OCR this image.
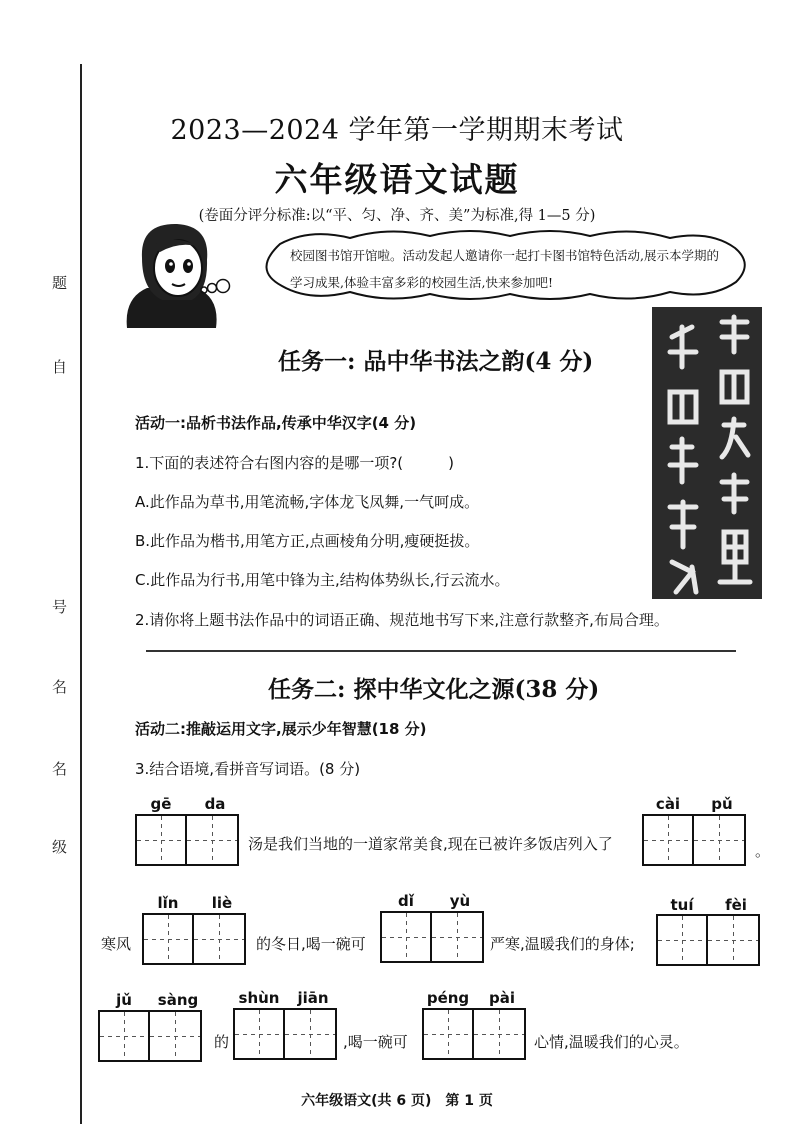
题
自
号
名
名
级
2023—2024 学年第一学期期末考试
六年级语文试题
(卷面分评分标准:以“平、匀、净、齐、美”为标准,得 1—5 分)
校园图书馆开馆啦。活动发起人邀请你一起打卡图书馆特色活动,展示本学期的学习成果,体验丰富多彩的校园生活,快来参加吧!
任务一: 品中华书法之韵(4 分)
活动一:品析书法作品,传承中华汉字(4 分)
1.下面的表述符合右图内容的是哪一项?(　　　)
A.此作品为草书,用笔流畅,字体龙飞凤舞,一气呵成。
B.此作品为楷书,用笔方正,点画棱角分明,瘦硬挺拔。
C.此作品为行书,用笔中锋为主,结构体势纵长,行云流水。
2.请你将上题书法作品中的词语正确、规范地书写下来,注意行款整齐,布局合理。
任务二: 探中华文化之源(38 分)
活动二:推敲运用文字,展示少年智慧(18 分)
3.结合语境,看拼音写词语。(8 分)
gē	da
汤是我们当地的一道家常美食,现在已被许多饭店列入了
cài	pǔ
。
寒风
lǐn	liè
的冬日,喝一碗可
dǐ	yù
严寒,温暖我们的身体;
tuí	fèi
jǔ	sàng
的
shùn	jiān
,喝一碗可
péng	pài
心情,温暖我们的心灵。
六年级语文(共 6 页)　第 1 页
